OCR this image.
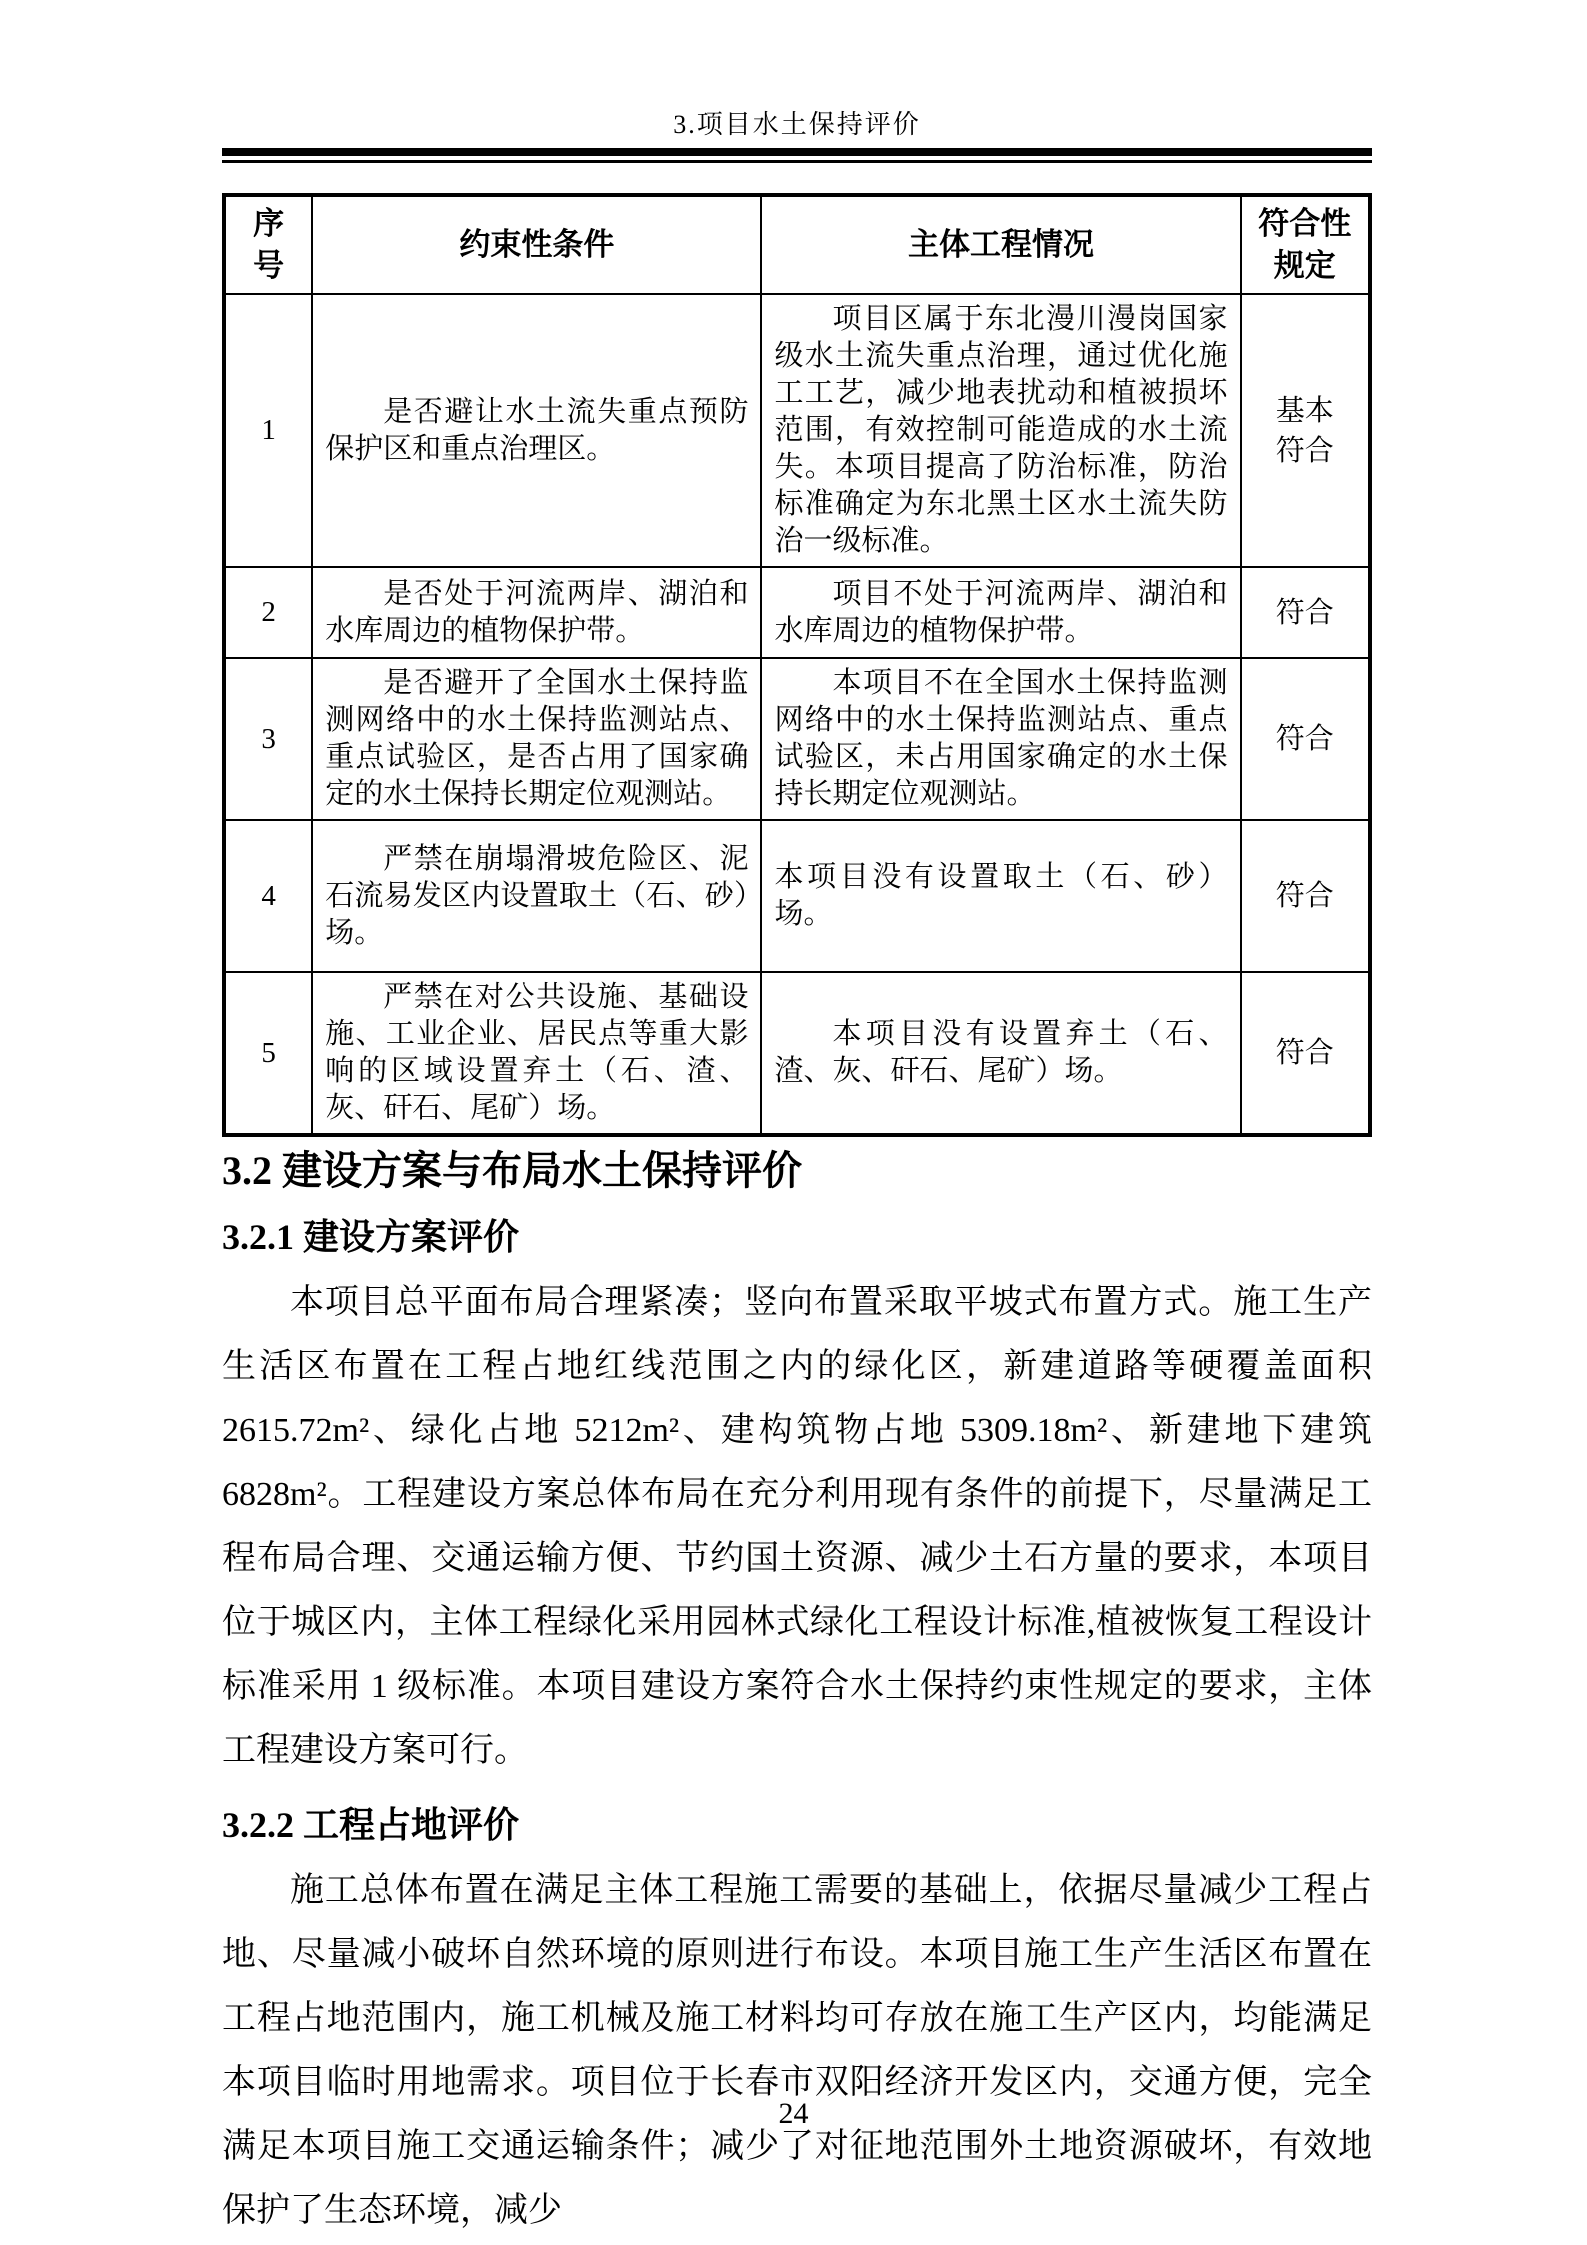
3.项目水土保持评价
序号	约束性条件	主体工程情况	符合性规定
1	是否避让水土流失重点预防保护区和重点治理区。	项目区属于东北漫川漫岗国家级水土流失重点治理，通过优化施工工艺，减少地表扰动和植被损坏范围，有效控制可能造成的水土流失。本项目提高了防治标准，防治标准确定为东北黑土区水土流失防治一级标准。	基本符合
2	是否处于河流两岸、湖泊和水库周边的植物保护带。	项目不处于河流两岸、湖泊和水库周边的植物保护带。	符合
3	是否避开了全国水土保持监测网络中的水土保持监测站点、重点试验区，是否占用了国家确定的水土保持长期定位观测站。	本项目不在全国水土保持监测网络中的水土保持监测站点、重点试验区，未占用国家确定的水土保持长期定位观测站。	符合
4	严禁在崩塌滑坡危险区、泥石流易发区内设置取土（石、砂）场。	本项目没有设置取土（石、砂）场。	符合
5	严禁在对公共设施、基础设施、工业企业、居民点等重大影响的区域设置弃土（石、渣、灰、矸石、尾矿）场。	本项目没有设置弃土（石、渣、灰、矸石、尾矿）场。	符合
3.2 建设方案与布局水土保持评价
3.2.1 建设方案评价

本项目总平面布局合理紧凑；竖向布置采取平坡式布置方式。施工生产生活区布置在工程占地红线范围之内的绿化区，新建道路等硬覆盖面积 2615.72m²、绿化占地 5212m²、建构筑物占地 5309.18m²、新建地下建筑 6828m²。工程建设方案总体布局在充分利用现有条件的前提下，尽量满足工程布局合理、交通运输方便、节约国土资源、减少土石方量的要求，本项目位于城区内，主体工程绿化采用园林式绿化工程设计标准,植被恢复工程设计标准采用 1 级标准。本项目建设方案符合水土保持约束性规定的要求，主体工程建设方案可行。

3.2.2 工程占地评价

施工总体布置在满足主体工程施工需要的基础上，依据尽量减少工程占地、尽量减小破坏自然环境的原则进行布设。本项目施工生产生活区布置在工程占地范围内，施工机械及施工材料均可存放在施工生产区内，均能满足本项目临时用地需求。项目位于长春市双阳经济开发区内，交通方便，完全满足本项目施工交通运输条件；减少了对征地范围外土地资源破坏，有效地保护了生态环境，减少

24
